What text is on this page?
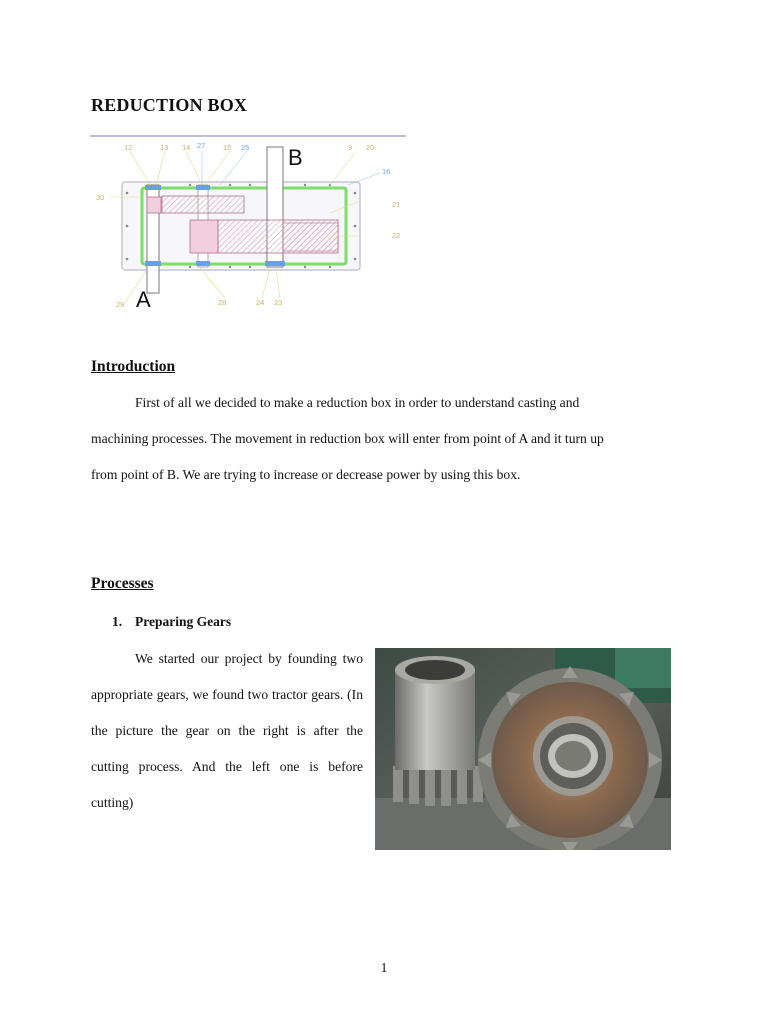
REDUCTION BOX
12	13 14	15	9 20
21
22
30
29	28	24 23
27	25
16
B
A
Introduction

First of all we decided to make a reduction box in order to understand casting and
machining processes. The movement in reduction box will enter from point of A and it turn up
from point of B. We are trying to increase or decrease power by using this box.

Processes

1. Preparing Gears

We started our project by founding two appropriate gears, we found two tractor gears. (In the picture the gear on the right is after the cutting process. And the left one is before cutting)

1
